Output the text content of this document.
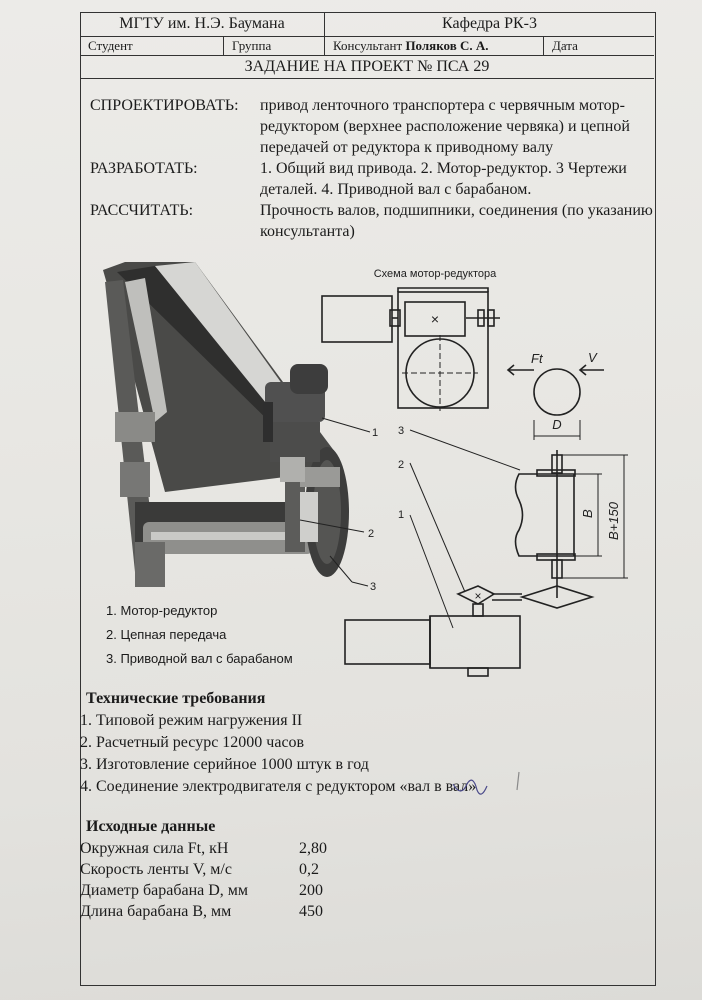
МГТУ им. Н.Э. Баумана	Кафедра РК-3
Студент	Группа	Консультант Поляков С. А.	Дата
ЗАДАНИЕ НА ПРОЕКТ № ПСА 29
СПРОЕКТИРОВАТЬ: привод ленточного транспортера с червячным мотор-редуктором (верхнее расположение червяка) и цепной передачей от редуктора к приводному валу
РАЗРАБОТАТЬ:	1. Общий вид привода. 2. Мотор-редуктор. 3 Чертежи деталей. 4. Приводной вал с барабаном.
РАССЧИТАТЬ:	Прочность валов, подшипники, соединения (по указанию консультанта)
1. Мотор-редуктор
2. Цепная передача
3. Приводной вал с барабаном
Схема мотор-редуктора
×
×
Ft	V
D
B B+150
3
2
1
1
2
3
Технические требования
1. Типовой режим нагружения II
2. Расчетный ресурс 12000 часов
3. Изготовление серийное 1000 штук в год
4. Соединение электродвигателя с редуктором «вал в вал»
Исходные данные
Окружная сила Ft, кН	2,80
Скорость ленты V, м/с	0,2
Диаметр барабана D, мм	200
Длина барабана B, мм	450
